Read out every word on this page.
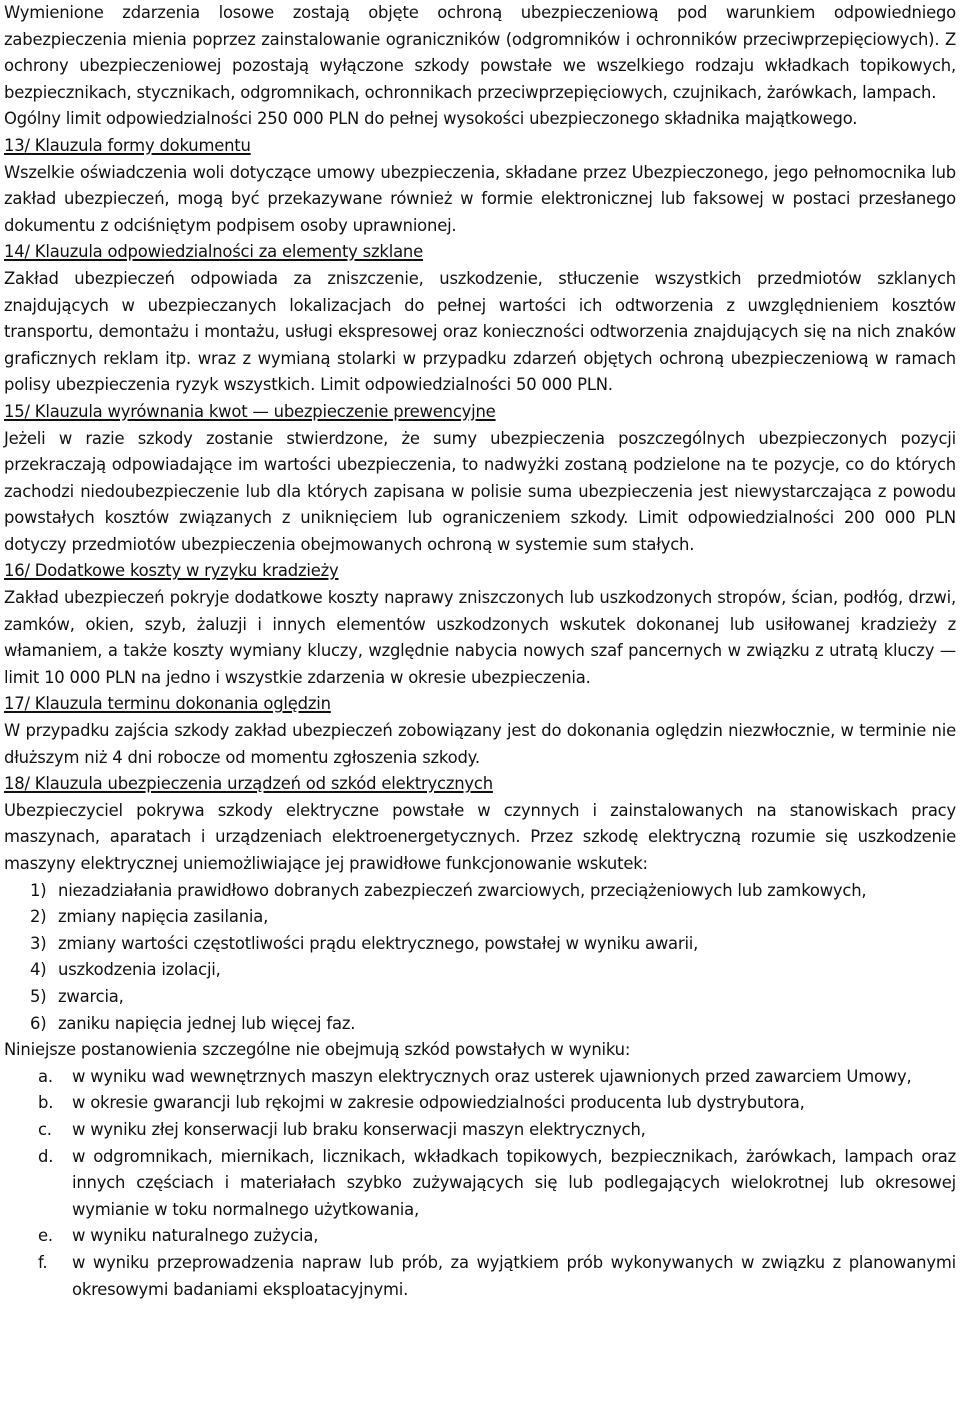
Wymienione zdarzenia losowe zostają objęte ochroną ubezpieczeniową pod warunkiem odpowiedniego zabezpieczenia mienia poprzez zainstalowanie ograniczników (odgromników i ochronników przeciwprzepięciowych). Z ochrony ubezpieczeniowej pozostają wyłączone szkody powstałe we wszelkiego rodzaju wkładkach topikowych, bezpiecznikach, stycznikach, odgromnikach, ochronnikach przeciwprzepięciowych, czujnikach, żarówkach, lampach.

Ogólny limit odpowiedzialności 250 000 PLN do pełnej wysokości ubezpieczonego składnika majątkowego.

13/ Klauzula formy dokumentu

Wszelkie oświadczenia woli dotyczące umowy ubezpieczenia, składane przez Ubezpieczonego, jego pełnomocnika lub zakład ubezpieczeń, mogą być przekazywane również w formie elektronicznej lub faksowej w postaci przesłanego dokumentu z odciśniętym podpisem osoby uprawnionej.

14/ Klauzula odpowiedzialności za elementy szklane

Zakład ubezpieczeń odpowiada za zniszczenie, uszkodzenie, stłuczenie wszystkich przedmiotów szklanych znajdujących w ubezpieczanych lokalizacjach do pełnej wartości ich odtworzenia z uwzględnieniem kosztów transportu, demontażu i montażu, usługi ekspresowej oraz konieczności odtworzenia znajdujących się na nich znaków graficznych reklam itp. wraz z wymianą stolarki w przypadku zdarzeń objętych ochroną ubezpieczeniową w ramach polisy ubezpieczenia ryzyk wszystkich. Limit odpowiedzialności 50 000 PLN.

15/ Klauzula wyrównania kwot — ubezpieczenie prewencyjne

Jeżeli w razie szkody zostanie stwierdzone, że sumy ubezpieczenia poszczególnych ubezpieczonych pozycji przekraczają odpowiadające im wartości ubezpieczenia, to nadwyżki zostaną podzielone na te pozycje, co do których zachodzi niedoubezpieczenie lub dla których zapisana w polisie suma ubezpieczenia jest niewystarczająca z powodu powstałych kosztów związanych z uniknięciem lub ograniczeniem szkody. Limit odpowiedzialności 200 000 PLN dotyczy przedmiotów ubezpieczenia obejmowanych ochroną w systemie sum stałych.

16/ Dodatkowe koszty w ryzyku kradzieży

Zakład ubezpieczeń pokryje dodatkowe koszty naprawy zniszczonych lub uszkodzonych stropów, ścian, podłóg, drzwi, zamków, okien, szyb, żaluzji i innych elementów uszkodzonych wskutek dokonanej lub usiłowanej kradzieży z włamaniem, a także koszty wymiany kluczy, względnie nabycia nowych szaf pancernych w związku z utratą kluczy — limit 10 000 PLN na jedno i wszystkie zdarzenia w okresie ubezpieczenia.

17/ Klauzula terminu dokonania oględzin

W przypadku zajścia szkody zakład ubezpieczeń zobowiązany jest do dokonania oględzin niezwłocznie, w terminie nie dłuższym niż 4 dni robocze od momentu zgłoszenia szkody.

18/ Klauzula ubezpieczenia urządzeń od szkód elektrycznych

Ubezpieczyciel pokrywa szkody elektryczne powstałe w czynnych i zainstalowanych na stanowiskach pracy maszynach, aparatach i urządzeniach elektroenergetycznych. Przez szkodę elektryczną rozumie się uszkodzenie maszyny elektrycznej uniemożliwiające jej prawidłowe funkcjonowanie wskutek:

1) niezadziałania prawidłowo dobranych zabezpieczeń zwarciowych, przeciążeniowych lub zamkowych,
2) zmiany napięcia zasilania,
3) zmiany wartości częstotliwości prądu elektrycznego, powstałej w wyniku awarii,
4) uszkodzenia izolacji,
5) zwarcia,
6) zaniku napięcia jednej lub więcej faz.

Niniejsze postanowienia szczególne nie obejmują szkód powstałych w wyniku:

a. w wyniku wad wewnętrznych maszyn elektrycznych oraz usterek ujawnionych przed zawarciem Umowy,
b. w okresie gwarancji lub rękojmi w zakresie odpowiedzialności producenta lub dystrybutora,
c. w wyniku złej konserwacji lub braku konserwacji maszyn elektrycznych,
d. w odgromnikach, miernikach, licznikach, wkładkach topikowych, bezpiecznikach, żarówkach, lampach oraz innych częściach i materiałach szybko zużywających się lub podlegających wielokrotnej lub okresowej wymianie w toku normalnego użytkowania,
e. w wyniku naturalnego zużycia,
f. w wyniku przeprowadzenia napraw lub prób, za wyjątkiem prób wykonywanych w związku z planowanymi okresowymi badaniami eksploatacyjnymi.
